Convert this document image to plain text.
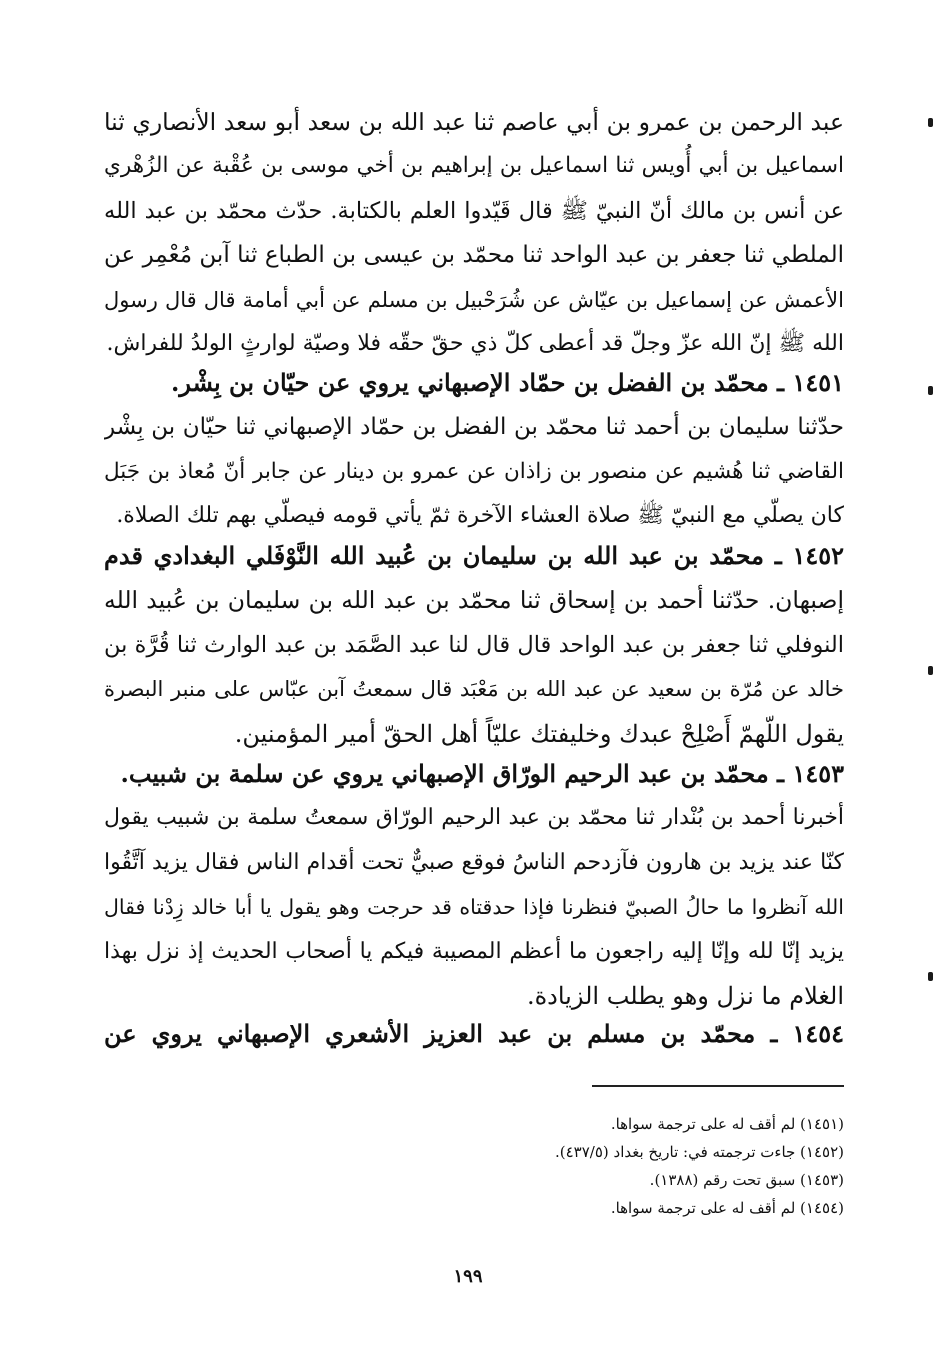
عبد الرحمن بن عمرو بن أبي عاصم ثنا عبد الله بن سعد أبو سعد الأنصاري ثنا
اسماعيل بن أبي أُويس ثنا اسماعيل بن إبراهيم بن أخي موسى بن عُقْبة عن الزُهْري
عن أنس بن مالك أنّ النبيّ ﷺ قال قَيّدوا العلم بالكتابة. حدّث محمّد بن عبد الله
الملطي ثنا جعفر بن عبد الواحد ثنا محمّد بن عيسى بن الطباع ثنا آبن مُعْمِر عن
الأعمش عن إسماعيل بن عيّاش عن شُرَحْبيل بن مسلم عن أبي أمامة قال قال رسول
الله ﷺ إنّ الله عزّ وجلّ قد أعطى كلّ ذي حقّ حقّه فلا وصيّة لوارثٍ الولدُ للفراش.
١٤٥١ ـ محمّد بن الفضل بن حمّاد الإصبهاني يروي عن حيّان بن بِشْر.
حدّثنا سليمان بن أحمد ثنا محمّد بن الفضل بن حمّاد الإصبهاني ثنا حيّان بن بِشْر
القاضي ثنا هُشيم عن منصور بن زاذان عن عمرو بن دينار عن جابر أنّ مُعاذ بن جَبَل
كان يصلّي مع النبيّ ﷺ صلاة العشاء الآخرة ثمّ يأتي قومه فيصلّي بهم تلك الصلاة.
١٤٥٢ ـ محمّد بن عبد الله بن سليمان بن عُبيد الله النَّوْفَلي البغدادي قدم
إصبهان. حدّثنا أحمد بن إسحاق ثنا محمّد بن عبد الله بن سليمان بن عُبيد الله
النوفلي ثنا جعفر بن عبد الواحد قال قال لنا عبد الصَّمَد بن عبد الوارث ثنا قُرَّة بن
خالد عن مُرّة بن سعيد عن عبد الله بن مَعْبَد قال سمعتُ آبن عبّاس على منبر البصرة
يقول اللّهمّ أَصْلِحْ عبدك وخليفتك عليّاً أهل الحقّ أمير المؤمنين.
١٤٥٣ ـ محمّد بن عبد الرحيم الورّاق الإصبهاني يروي عن سلمة بن شبيب.
أخبرنا أحمد بن بُنْدار ثنا محمّد بن عبد الرحيم الورّاق سمعتُ سلمة بن شبيب يقول
كنّا عند يزيد بن هارون فآزدحم الناسُ فوقع صبيٌّ تحت أقدام الناس فقال يزيد آتَّقُوا
الله آنظروا ما حالُ الصبيّ فنظرنا فإذا حدقتاه قد حرجت وهو يقول يا أبا خالد زِدْنا فقال
يزيد إنّا لله وإنّا إليه راجعون ما أعظم المصيبة فيكم يا أصحاب الحديث إذ نزل بهذا
الغلام ما نزل وهو يطلب الزيادة.
١٤٥٤ ـ محمّد بن مسلم بن عبد العزيز الأشعري الإصبهاني يروي عن
(١٤٥١) لم أقف له على ترجمة سواها.
(١٤٥٢) جاءت ترجمته في: تاريخ بغداد (٤٣٧/٥).
(١٤٥٣) سبق تحت رقم (١٣٨٨).
(١٤٥٤) لم أقف له على ترجمة سواها.
١٩٩
